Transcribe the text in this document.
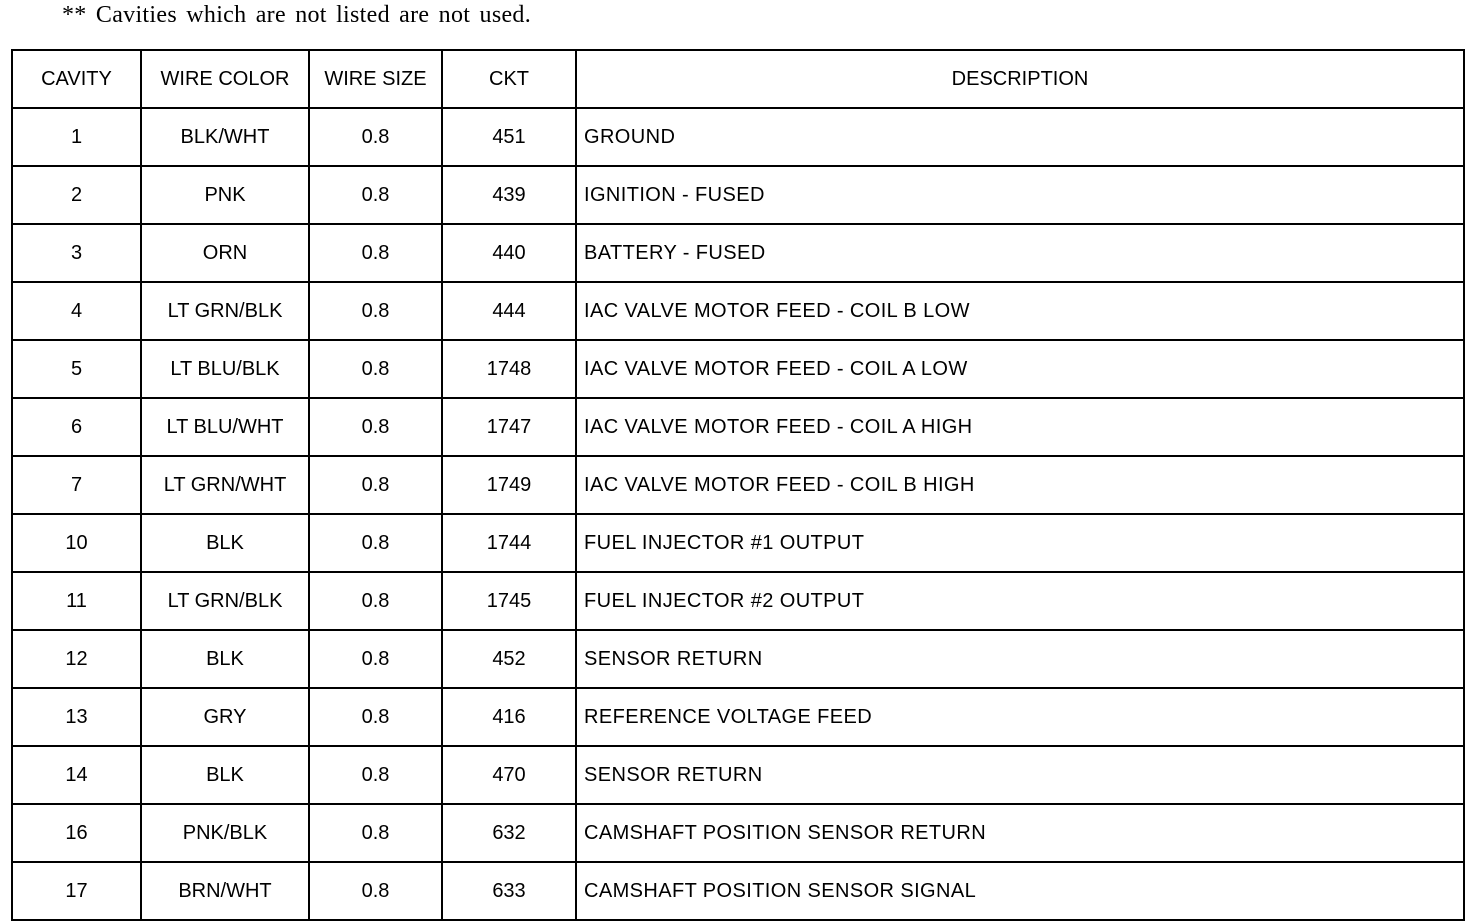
** Cavities which are not listed are not used.
CAVITY	WIRE COLOR	WIRE SIZE	CKT	DESCRIPTION
1	BLK/WHT	0.8	451	GROUND
2	PNK	0.8	439	IGNITION - FUSED
3	ORN	0.8	440	BATTERY - FUSED
4	LT GRN/BLK	0.8	444	IAC VALVE MOTOR FEED - COIL B LOW
5	LT BLU/BLK	0.8	1748	IAC VALVE MOTOR FEED - COIL A LOW
6	LT BLU/WHT	0.8	1747	IAC VALVE MOTOR FEED - COIL A HIGH
7	LT GRN/WHT	0.8	1749	IAC VALVE MOTOR FEED - COIL B HIGH
10	BLK	0.8	1744	FUEL INJECTOR #1 OUTPUT
11	LT GRN/BLK	0.8	1745	FUEL INJECTOR #2 OUTPUT
12	BLK	0.8	452	SENSOR RETURN
13	GRY	0.8	416	REFERENCE VOLTAGE FEED
14	BLK	0.8	470	SENSOR RETURN
16	PNK/BLK	0.8	632	CAMSHAFT POSITION SENSOR RETURN
17	BRN/WHT	0.8	633	CAMSHAFT POSITION SENSOR SIGNAL
